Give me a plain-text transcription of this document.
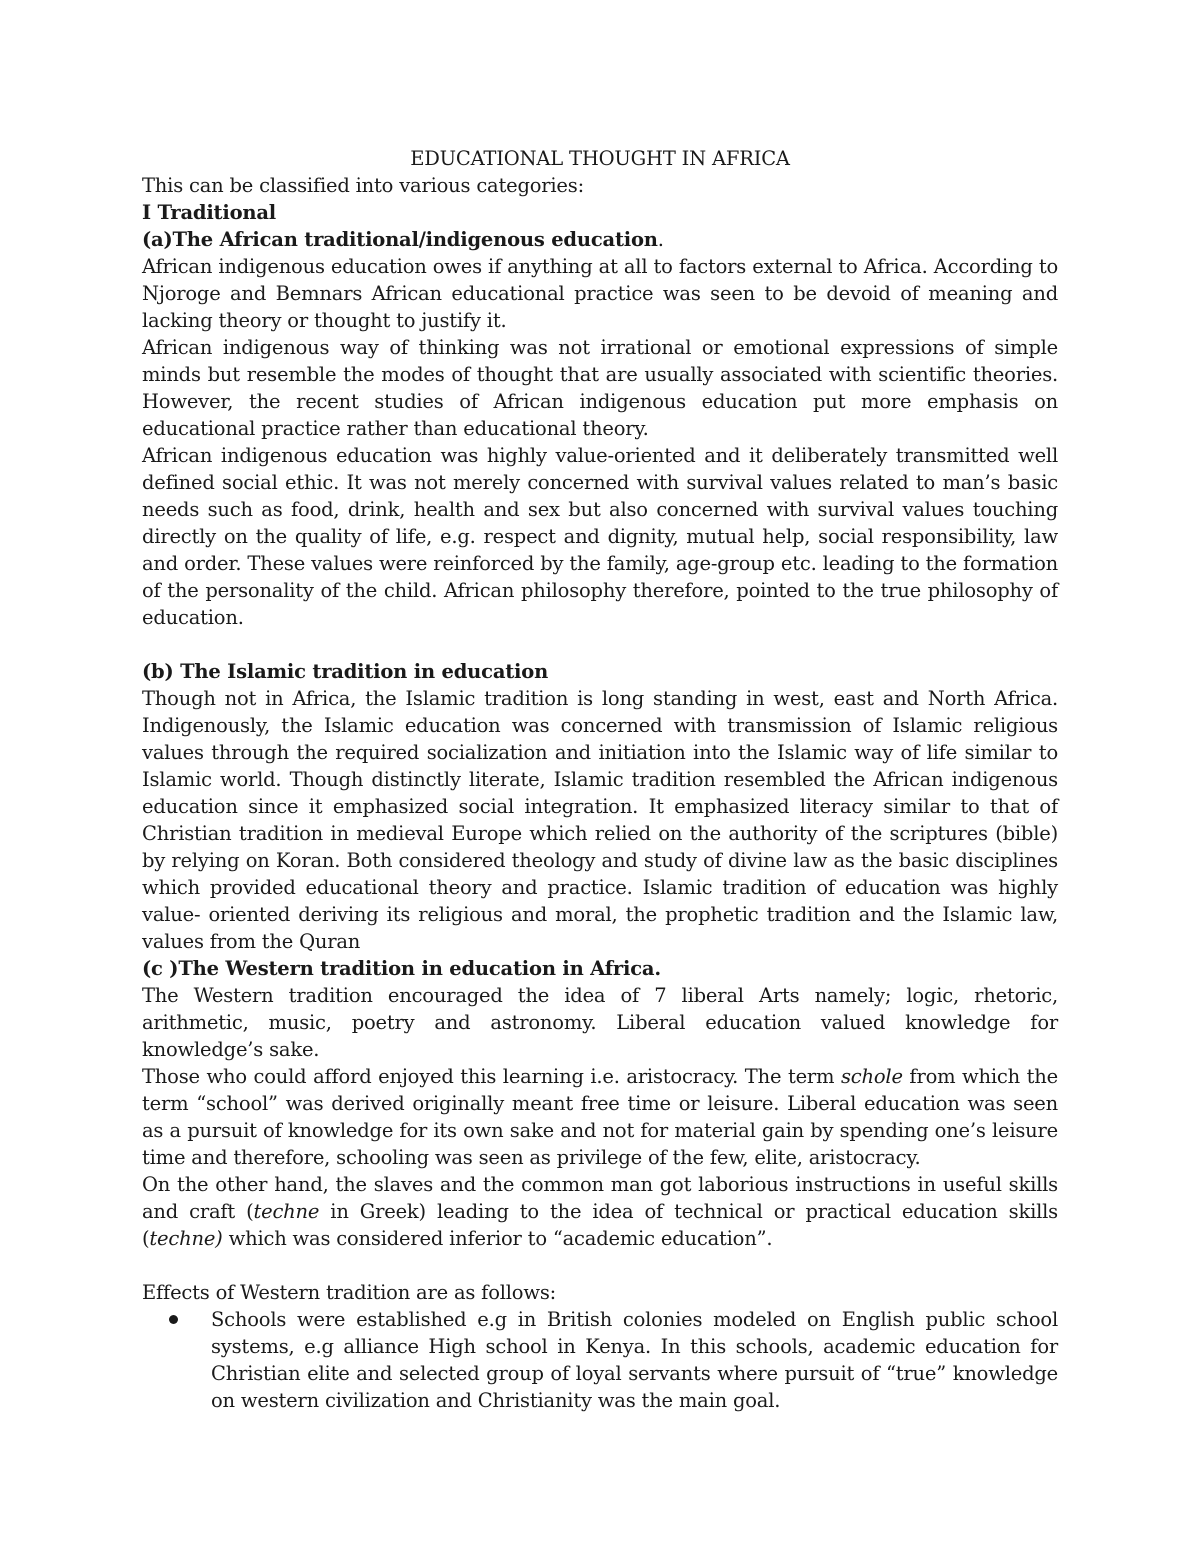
EDUCATIONAL THOUGHT IN AFRICA

This can be classified into various categories:

I Traditional

(a)The African traditional/indigenous education.

African indigenous education owes if anything at all to factors external to Africa. According to Njoroge and Bemnars African educational practice was seen to be devoid of meaning and lacking theory or thought to justify it.

African indigenous way of thinking was not irrational or emotional expressions of simple minds but resemble the modes of thought that are usually associated with scientific theories. However, the recent studies of African indigenous education put more emphasis on educational practice rather than educational theory.

African indigenous education was highly value-oriented and it deliberately transmitted well defined social ethic. It was not merely concerned with survival values related to man’s basic needs such as food, drink, health and sex but also concerned with survival values touching directly on the quality of life, e.g. respect and dignity, mutual help, social responsibility, law and order. These values were reinforced by the family, age-group etc. leading to the formation of the personality of the child. African philosophy therefore, pointed to the true philosophy of education.

(b) The Islamic tradition in education

Though not in Africa, the Islamic tradition is long standing in west, east and North Africa. Indigenously, the Islamic education was concerned with transmission of Islamic religious values through the required socialization and initiation into the Islamic way of life similar to Islamic world. Though distinctly literate, Islamic tradition resembled the African indigenous education since it emphasized social integration. It emphasized literacy similar to that of Christian tradition in medieval Europe which relied on the authority of the scriptures (bible) by relying on Koran. Both considered theology and study of divine law as the basic disciplines which provided educational theory and practice. Islamic tradition of education was highly value- oriented deriving its religious and moral, the prophetic tradition and the Islamic law, values from the Quran

(c )The Western tradition in education in Africa.

The Western tradition encouraged the idea of 7 liberal Arts namely; logic, rhetoric, arithmetic, music, poetry and astronomy. Liberal education valued knowledge for knowledge’s sake.

Those who could afford enjoyed this learning i.e. aristocracy. The term schole from which the term “school” was derived originally meant free time or leisure. Liberal education was seen as a pursuit of knowledge for its own sake and not for material gain by spending one’s leisure time and therefore, schooling was seen as privilege of the few, elite, aristocracy.

On the other hand, the slaves and the common man got laborious instructions in useful skills and craft (techne in Greek) leading to the idea of technical or practical education skills (techne) which was considered inferior to “academic education”.

Effects of Western tradition are as follows:

Schools were established e.g in British colonies modeled on English public school systems, e.g alliance High school in Kenya. In this schools, academic education for Christian elite and selected group of loyal servants where pursuit of “true” knowledge on western civilization and Christianity was the main goal.
